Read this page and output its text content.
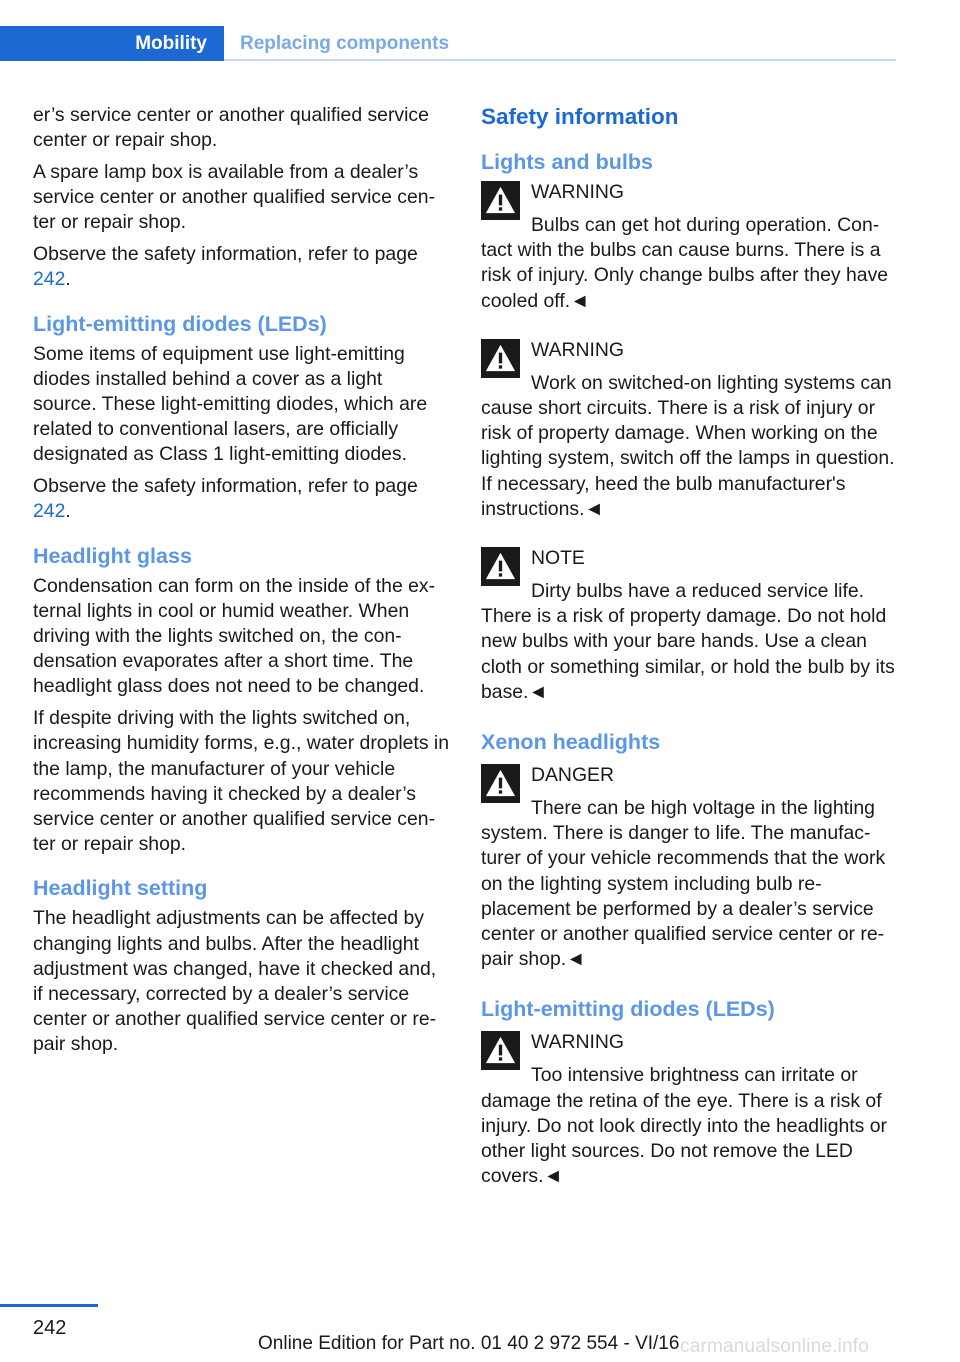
Mobility	Replacing components

er’s service center or another qualified service center or repair shop.

A spare lamp box is available from a dealer’s service center or another qualified service center or repair shop.

Observe the safety information, refer to page
242.

Light-emitting diodes (LEDs)

Some items of equipment use light-emitting diodes installed behind a cover as a light source. These light-emitting diodes, which are related to conventional lasers, are officially designated as Class 1 light-emitting diodes.

Observe the safety information, refer to page
242.

Headlight glass

Condensation can form on the inside of the external lights in cool or humid weather. When driving with the lights switched on, the condensation evaporates after a short time. The headlight glass does not need to be changed.

If despite driving with the lights switched on, increasing humidity forms, e.g., water droplets in the lamp, the manufacturer of your vehicle recommends having it checked by a dealer’s service center or another qualified service center or repair shop.

Headlight setting

The headlight adjustments can be affected by changing lights and bulbs. After the headlight adjustment was changed, have it checked and, if necessary, corrected by a dealer’s service center or another qualified service center or repair shop.

Safety information
Lights and bulbs
WARNING

Bulbs can get hot during operation. Contact with the bulbs can cause burns. There is a risk of injury. Only change bulbs after they have cooled off.◄

WARNING

Work on switched-on lighting systems can cause short circuits. There is a risk of injury or risk of property damage. When working on the lighting system, switch off the lamps in question. If necessary, heed the bulb manufacturer's instructions.◄

NOTE

Dirty bulbs have a reduced service life. There is a risk of property damage. Do not hold new bulbs with your bare hands. Use a clean cloth or something similar, or hold the bulb by its base.◄

Xenon headlights
DANGER

There can be high voltage in the lighting system. There is danger to life. The manufacturer of your vehicle recommends that the work on the lighting system including bulb replacement be performed by a dealer’s service center or another qualified service center or repair shop.◄

Light-emitting diodes (LEDs)
WARNING

Too intensive brightness can irritate or damage the retina of the eye. There is a risk of injury. Do not look directly into the headlights or other light sources. Do not remove the LED covers.◄

242
Online Edition for Part no. 01 40 2 972 554 - VI/16 carmanualsonline.info
